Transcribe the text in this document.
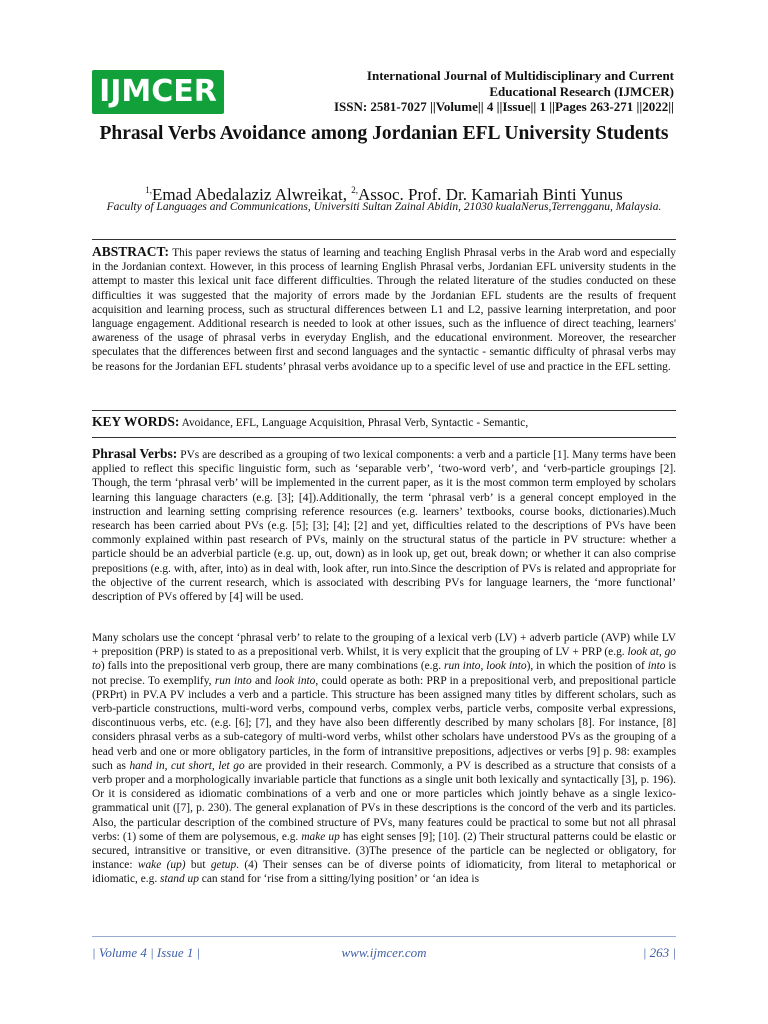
IJMCER	International Journal of Multidisciplinary and Current
Educational Research (IJMCER)
ISSN: 2581-7027 ||Volume|| 4 ||Issue|| 1 ||Pages 263-271 ||2022||
Phrasal Verbs Avoidance among Jordanian EFL University Students
$^{1,}$Emad Abedalaziz Alwreikat, $^{2,}$Assoc. Prof. Dr. Kamariah Binti Yunus
Faculty of Languages and Communications, Universiti Sultan Zainal Abidin, 21030 kualaNerus,Terrengganu, Malaysia.

ABSTRACT: This paper reviews the status of learning and teaching English Phrasal verbs in the Arab word and especially in the Jordanian context. However, in this process of learning English Phrasal verbs, Jordanian EFL university students in the attempt to master this lexical unit face different difficulties. Through the related literature of the studies conducted on these difficulties it was suggested that the majority of errors made by the Jordanian EFL students are the results of frequent acquisition and learning process, such as structural differences between L1 and L2, passive learning interpretation, and poor language engagement. Additional research is needed to look at other issues, such as the influence of direct teaching, learners' awareness of the usage of phrasal verbs in everyday English, and the educational environment. Moreover, the researcher speculates that the differences between first and second languages and the syntactic - semantic difficulty of phrasal verbs may be reasons for the Jordanian EFL students’ phrasal verbs avoidance up to a specific level of use and practice in the EFL setting.

KEY WORDS: Avoidance, EFL, Language Acquisition, Phrasal Verb, Syntactic - Semantic,

Phrasal Verbs: PVs are described as a grouping of two lexical components: a verb and a particle [1]. Many terms have been applied to reflect this specific linguistic form, such as ‘separable verb’, ‘two-word verb’, and ‘verb-particle groupings [2]. Though, the term ‘phrasal verb’ will be implemented in the current paper, as it is the most common term employed by scholars learning this language characters (e.g. [3]; [4]).Additionally, the term ‘phrasal verb’ is a general concept employed in the instruction and learning setting comprising reference resources (e.g. learners’ textbooks, course books, dictionaries).Much research has been carried about PVs (e.g. [5]; [3]; [4]; [2] and yet, difficulties related to the descriptions of PVs have been commonly explained within past research of PVs, mainly on the structural status of the particle in PV structure: whether a particle should be an adverbial particle (e.g. up, out, down) as in look up, get out, break down; or whether it can also comprise prepositions (e.g. with, after, into) as in deal with, look after, run into.Since the description of PVs is related and appropriate for the objective of the current research, which is associated with describing PVs for language learners, the ‘more functional’ description of PVs offered by [4] will be used.

Many scholars use the concept ‘phrasal verb’ to relate to the grouping of a lexical verb (LV) + adverb particle (AVP) while LV + preposition (PRP) is stated to as a prepositional verb. Whilst, it is very explicit that the grouping of LV + PRP (e.g. look at, go to) falls into the prepositional verb group, there are many combinations (e.g. run into, look into), in which the position of into is not precise. To exemplify, run into and look into, could operate as both: PRP in a prepositional verb, and prepositional particle (PRPrt) in PV.A PV includes a verb and a particle. This structure has been assigned many titles by different scholars, such as verb-particle constructions, multi-word verbs, compound verbs, complex verbs, particle verbs, composite verbal expressions, discontinuous verbs, etc. (e.g. [6]; [7], and they have also been differently described by many scholars [8]. For instance, [8] considers phrasal verbs as a sub-category of multi-word verbs, whilst other scholars have understood PVs as the grouping of a head verb and one or more obligatory particles, in the form of intransitive prepositions, adjectives or verbs [9] p. 98: examples such as hand in, cut short, let go are provided in their research. Commonly, a PV is described as a structure that consists of a verb proper and a morphologically invariable particle that functions as a single unit both lexically and syntactically [3], p. 196). Or it is considered as idiomatic combinations of a verb and one or more particles which jointly behave as a single lexico-grammatical unit ([7], p. 230). The general explanation of PVs in these descriptions is the concord of the verb and its particles. Also, the particular description of the combined structure of PVs, many features could be practical to some but not all phrasal verbs: (1) some of them are polysemous, e.g. make up has eight senses [9]; [10]. (2) Their structural patterns could be elastic or secured, intransitive or transitive, or even ditransitive. (3)The presence of the particle can be neglected or obligatory, for instance: wake (up) but getup. (4) Their senses can be of diverse points of idiomaticity, from literal to metaphorical or idiomatic, e.g. stand up can stand for ‘rise from a sitting/lying position’ or ‘an idea is

| Volume 4 | Issue 1 |	www.ijmcer.com	| 263 |
